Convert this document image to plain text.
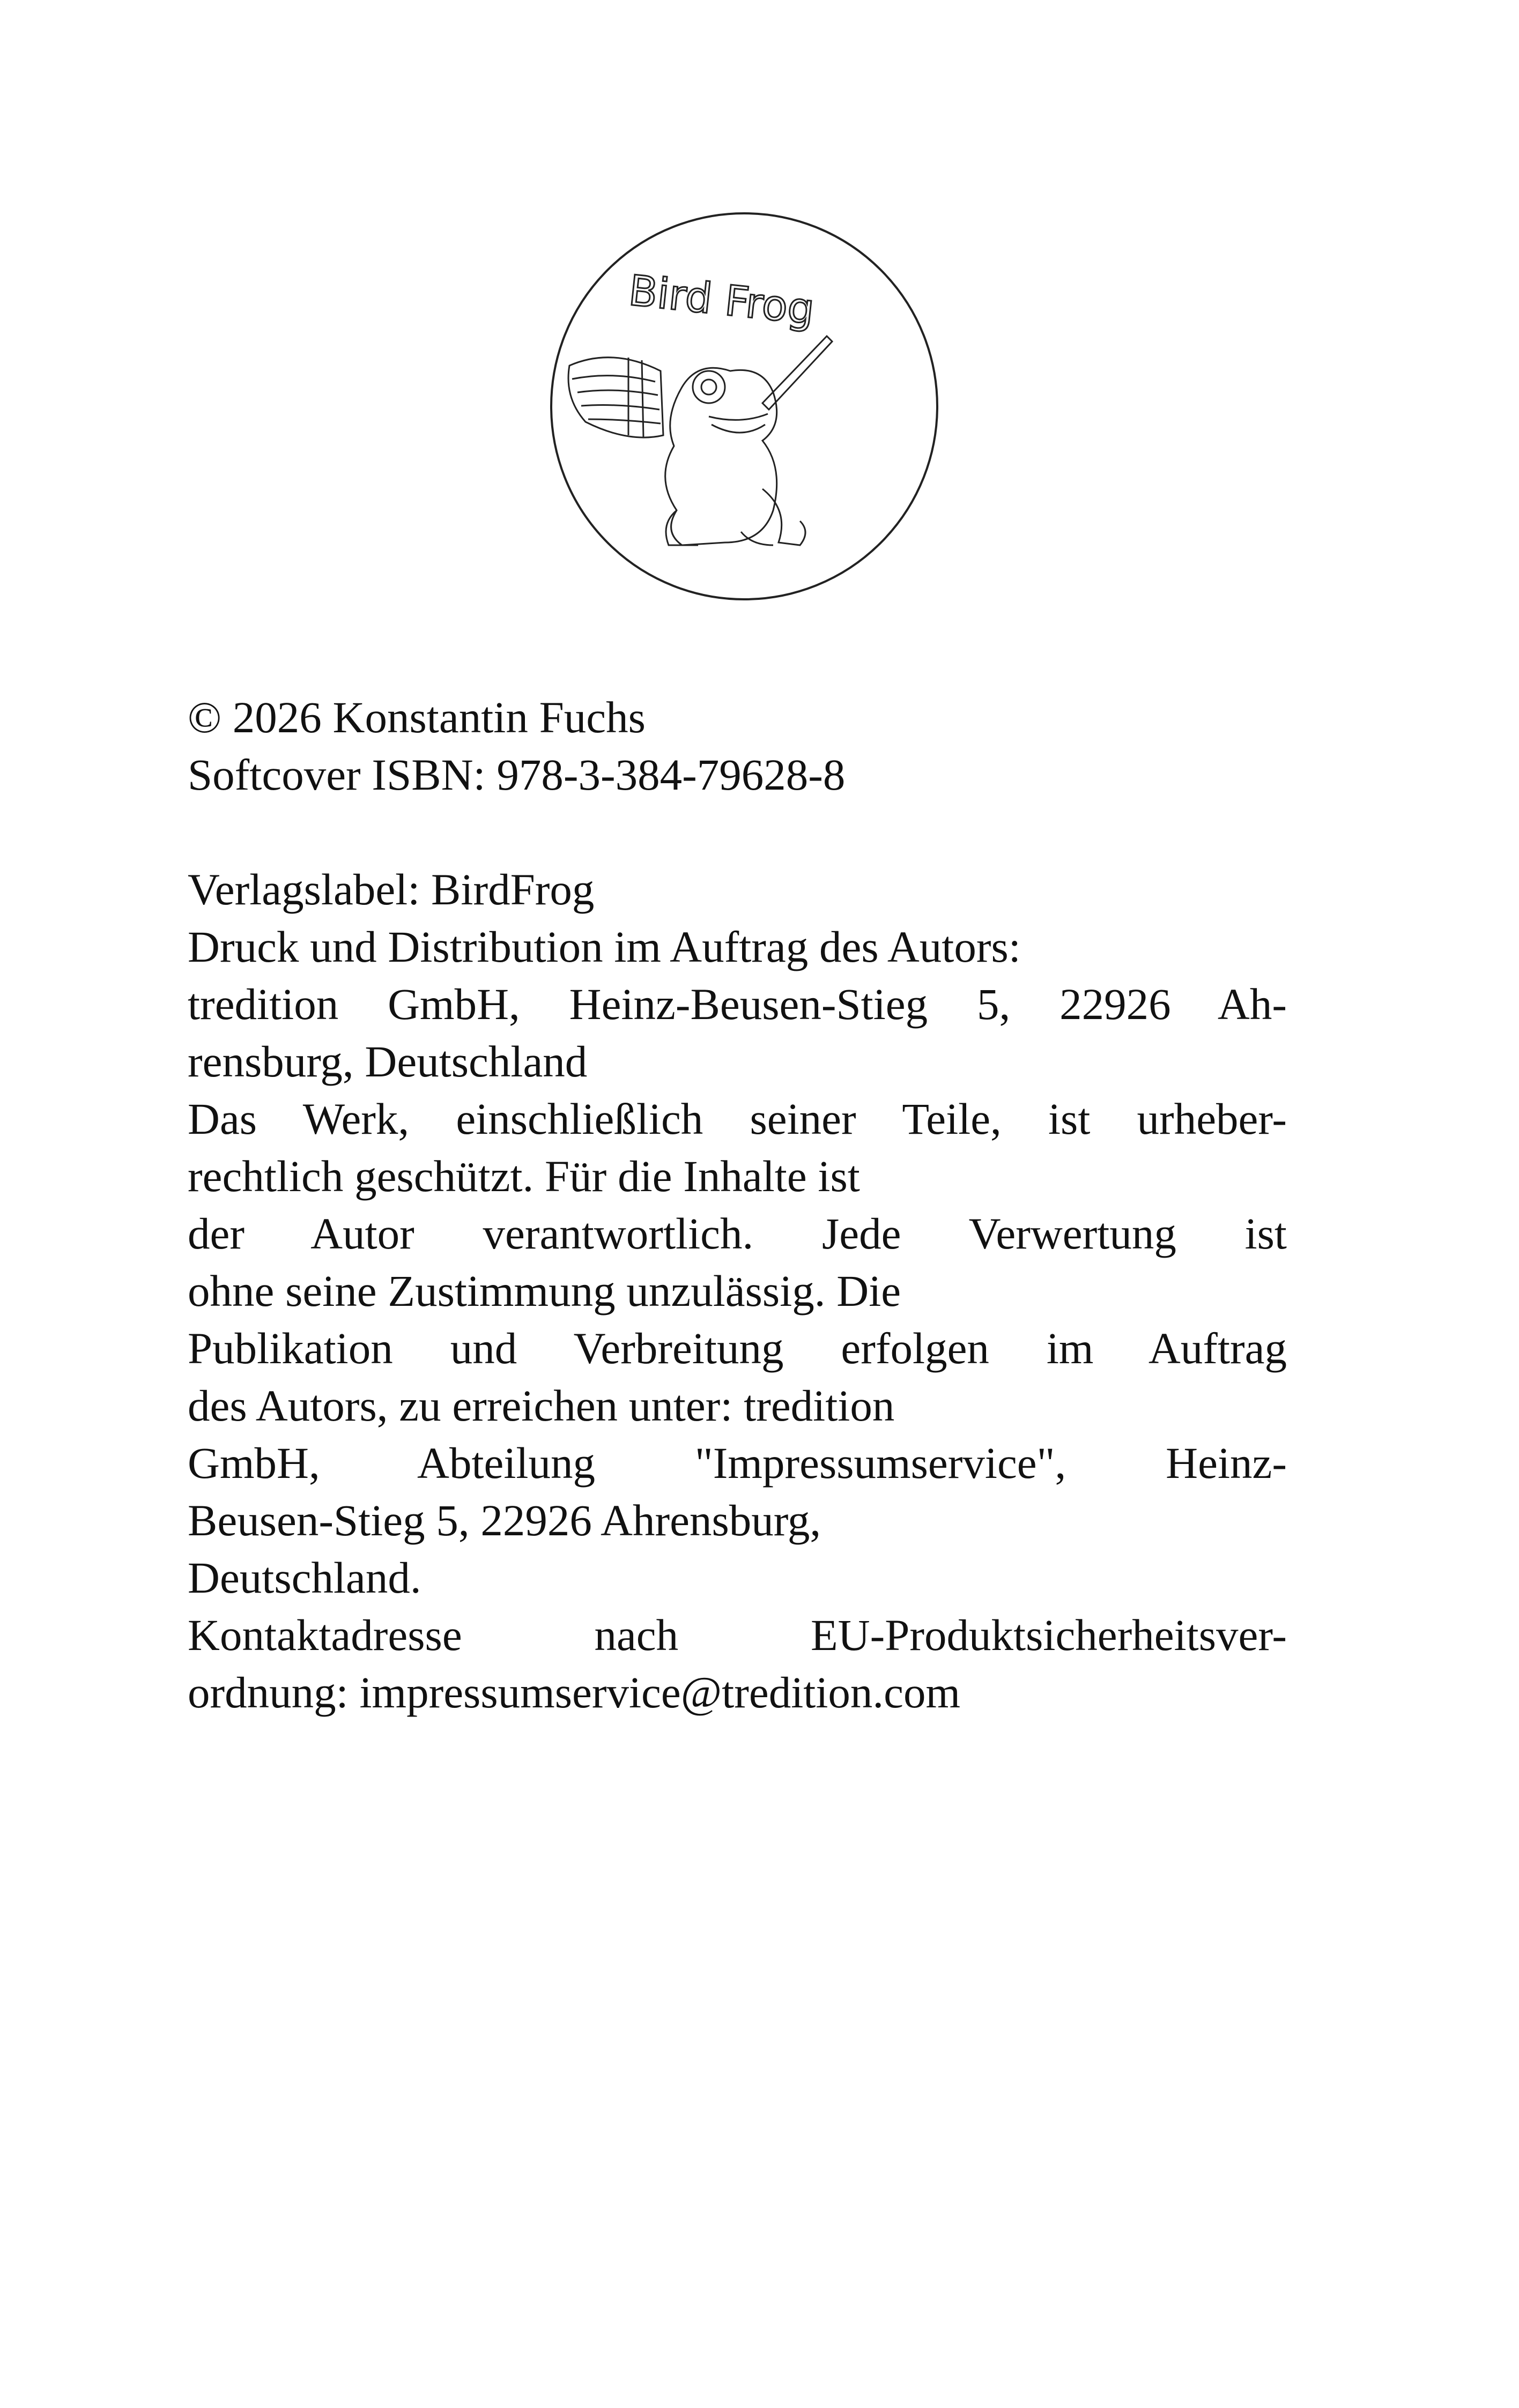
Bird Frog
© 2026 Konstantin Fuchs
Softcover ISBN: 978-3-384-79628-8
Verlagslabel: BirdFrog
Druck und Distribution im Auftrag des Autors:
tredition GmbH, Heinz-Beusen-Stieg 5, 22926 Ah-
rensburg, Deutschland
Das Werk, einschließlich seiner Teile, ist urheber-
rechtlich geschützt. Für die Inhalte ist
der Autor verantwortlich. Jede Verwertung ist
ohne seine Zustimmung unzulässig. Die
Publikation und Verbreitung erfolgen im Auftrag
des Autors, zu erreichen unter: tredition
GmbH, Abteilung "Impressumservice", Heinz-
Beusen-Stieg 5, 22926 Ahrensburg,
Deutschland.
Kontaktadresse nach EU-Produktsicherheitsver-
ordnung: impressumservice@tredition.com
